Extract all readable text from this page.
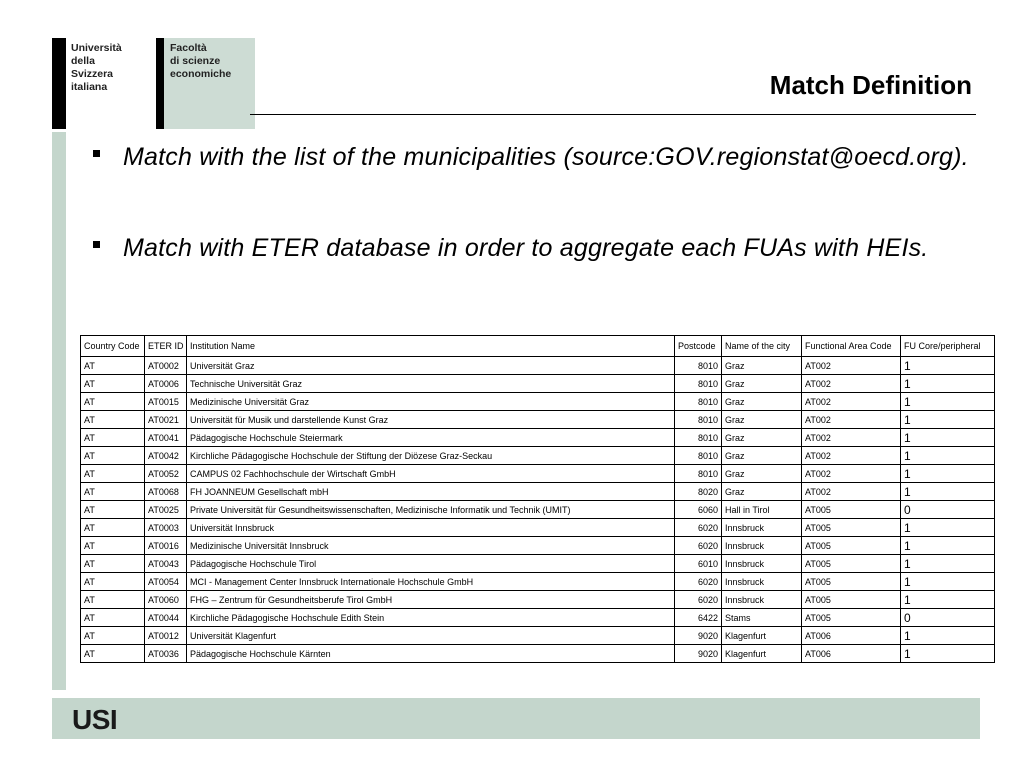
Università
della
Svizzera
italiana
Facoltà
di scienze
economiche	Match Definition
Match with the list of the municipalities (source:GOV.regionstat@oecd.org).
Match with ETER database in order to aggregate each FUAs with HEIs.
Country Code	ETER ID	Institution Name	Postcode	Name of the city	Functional Area Code	FU Core/peripheral
AT	AT0002	Universität Graz	8010	Graz	AT002	1
AT	AT0006	Technische Universität Graz	8010	Graz	AT002	1
AT	AT0015	Medizinische Universität Graz	8010	Graz	AT002	1
AT	AT0021	Universität für Musik und darstellende Kunst Graz	8010	Graz	AT002	1
AT	AT0041	Pädagogische Hochschule Steiermark	8010	Graz	AT002	1
AT	AT0042	Kirchliche Pädagogische Hochschule der Stiftung der Diözese Graz-Seckau	8010	Graz	AT002	1
AT	AT0052	CAMPUS 02 Fachhochschule der Wirtschaft GmbH	8010	Graz	AT002	1
AT	AT0068	FH JOANNEUM Gesellschaft mbH	8020	Graz	AT002	1
AT	AT0025	Private Universität für Gesundheitswissenschaften, Medizinische Informatik und Technik (UMIT)	6060	Hall in Tirol	AT005	0
AT	AT0003	Universität Innsbruck	6020	Innsbruck	AT005	1
AT	AT0016	Medizinische Universität Innsbruck	6020	Innsbruck	AT005	1
AT	AT0043	Pädagogische Hochschule Tirol	6010	Innsbruck	AT005	1
AT	AT0054	MCI - Management Center Innsbruck Internationale Hochschule GmbH	6020	Innsbruck	AT005	1
AT	AT0060	FHG – Zentrum für Gesundheitsberufe Tirol GmbH	6020	Innsbruck	AT005	1
AT	AT0044	Kirchliche Pädagogische Hochschule Edith Stein	6422	Stams	AT005	0
AT	AT0012	Universität Klagenfurt	9020	Klagenfurt	AT006	1
AT	AT0036	Pädagogische Hochschule Kärnten	9020	Klagenfurt	AT006	1
USI
